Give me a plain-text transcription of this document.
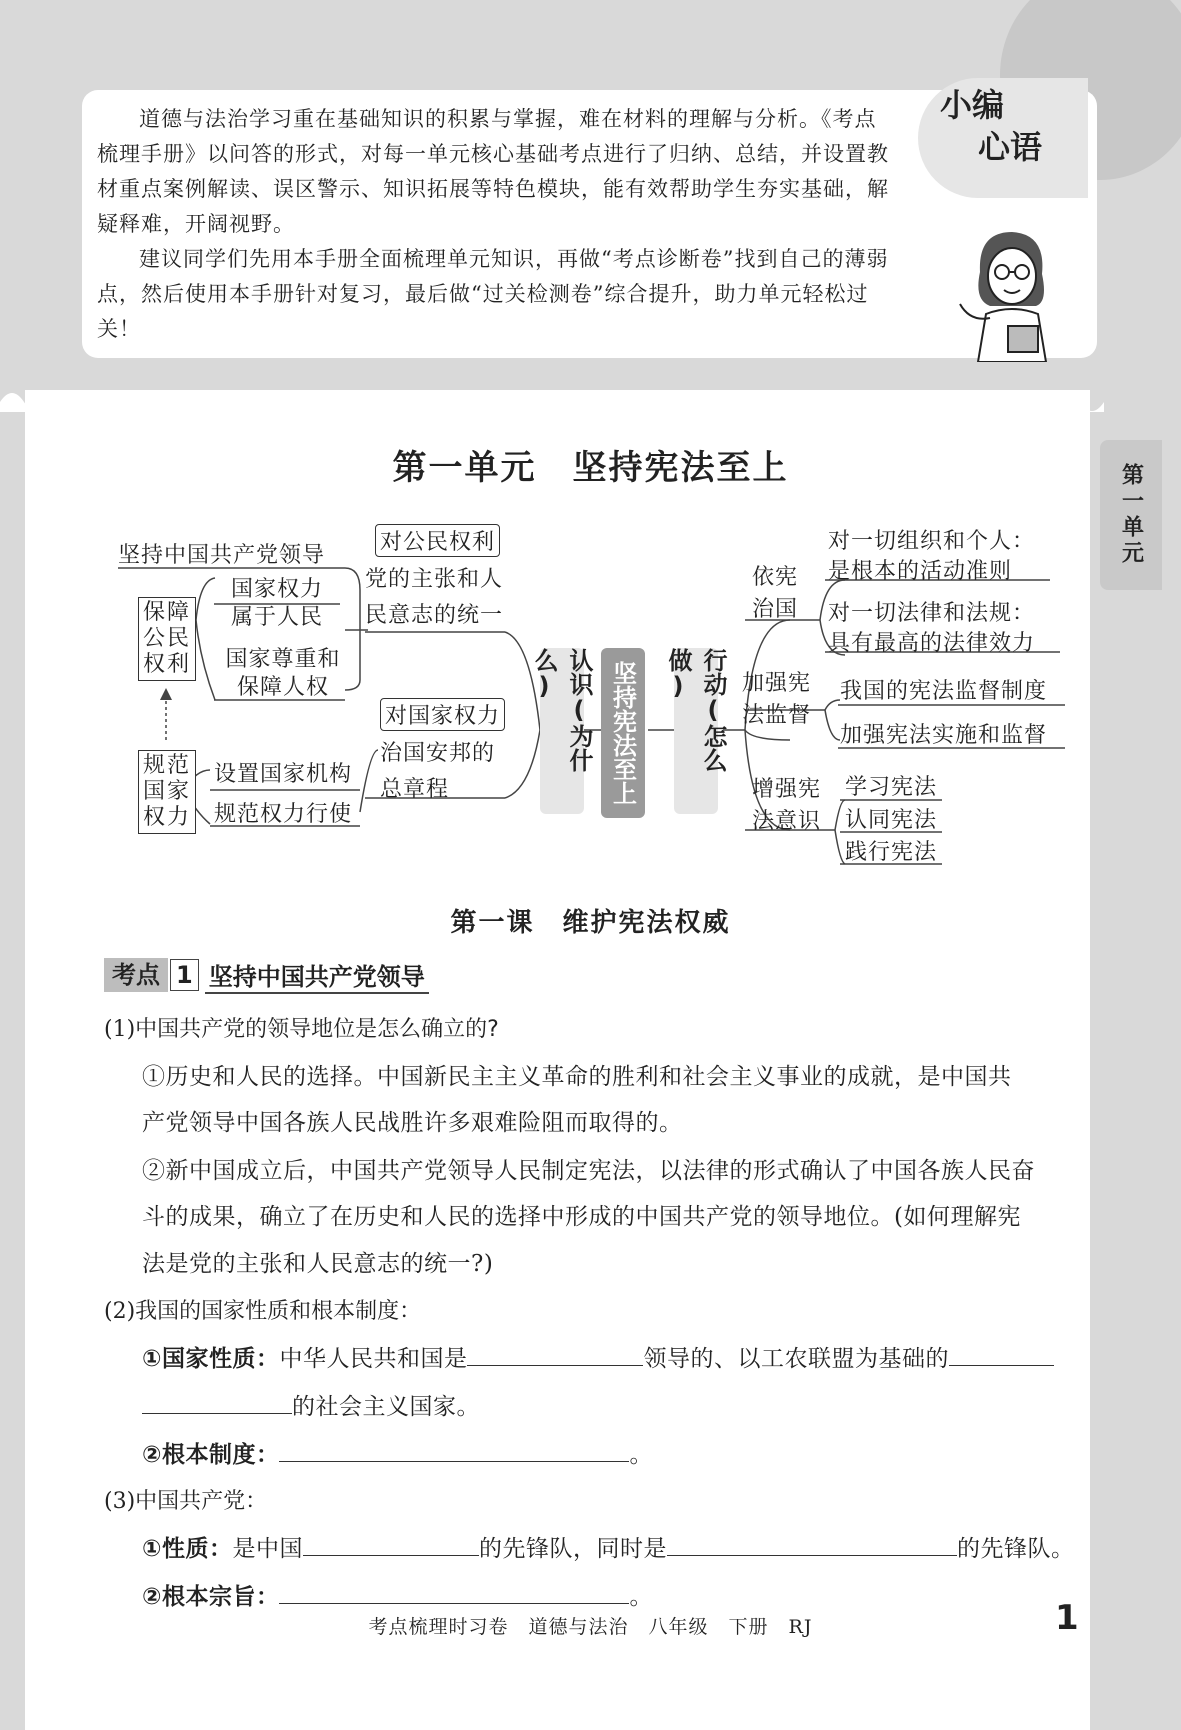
小编
心语

道德与法治学习重在基础知识的积累与掌握，难在材料的理解与分析。《考点梳理手册》以问答的形式，对每一单元核心基础考点进行了归纳、总结，并设置教材重点案例解读、误区警示、知识拓展等特色模块，能有效帮助学生夯实基础，解疑释难，开阔视野。

建议同学们先用本手册全面梳理单元知识，再做“考点诊断卷”找到自己的薄弱点，然后使用本手册针对复习，最后做“过关检测卷”综合提升，助力单元轻松过关！

第一单元
第一单元　坚持宪法至上
坚持中国共产党领导
保障公民权利
规范国家权力
国家权力属于人民
国家尊重和保障人权
设置国家机构
规范权力行使
对公民权利
党的主张和人
民意志的统一
对国家权力
治国安邦的
总章程
认识(为什么)	坚持宪法至上	行动(怎么做)
依宪
治国
对一切组织和个人：
是根本的活动准则
对一切法律和法规：
具有最高的法律效力
加强宪
法监督
我国的宪法监督制度
加强宪法实施和监督
增强宪
法意识
学习宪法
认同宪法
践行宪法
第一课　维护宪法权威
考点 1 坚持中国共产党领导
(1)中国共产党的领导地位是怎么确立的?
①历史和人民的选择。中国新民主主义革命的胜利和社会主义事业的成就，是中国共
产党领导中国各族人民战胜许多艰难险阻而取得的。
②新中国成立后，中国共产党领导人民制定宪法，以法律的形式确认了中国各族人民奋
斗的成果，确立了在历史和人民的选择中形成的中国共产党的领导地位。(如何理解宪
法是党的主张和人民意志的统一?)
(2)我国的国家性质和根本制度：
①国家性质：中华人民共和国是	领导的、以工农联盟为基础的
的社会主义国家。
②根本制度：	。
(3)中国共产党：
①性质：是中国	的先锋队，同时是	的先锋队。
②根本宗旨：	。
考点梳理时习卷　道德与法治　八年级　下册　RJ	1
